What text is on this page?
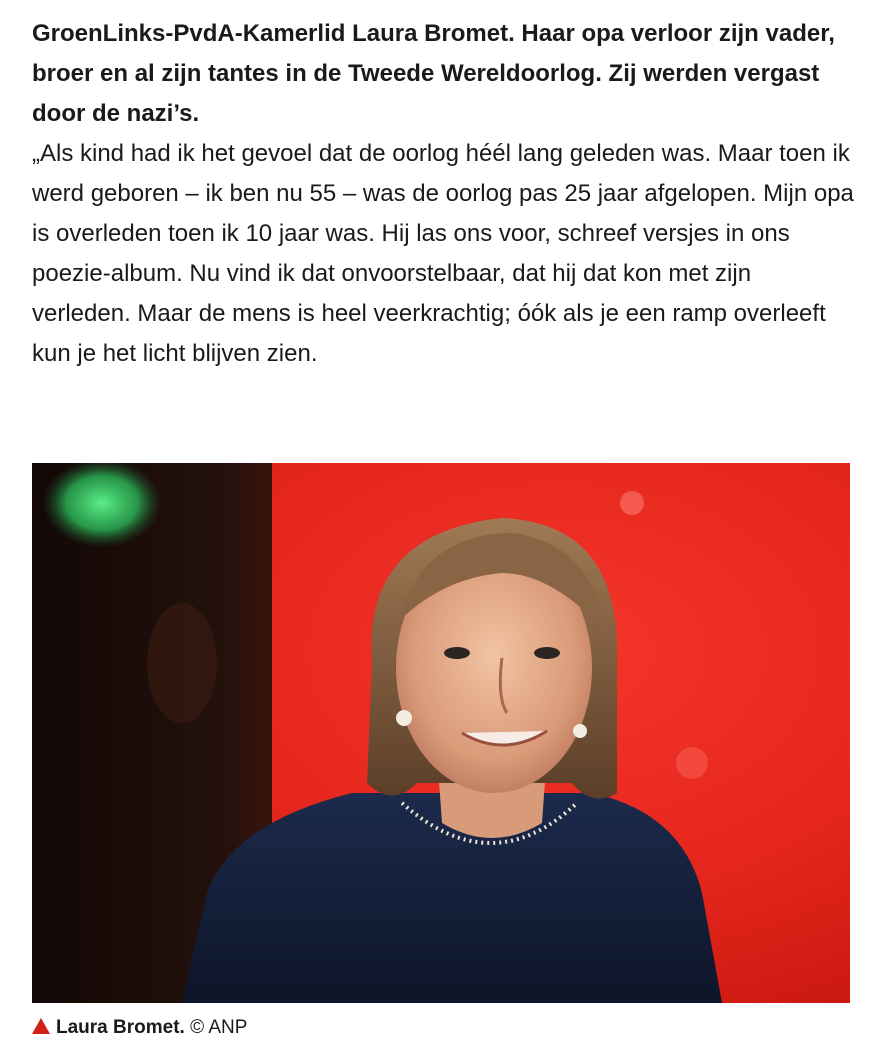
GroenLinks-PvdA-Kamerlid Laura Bromet. Haar opa verloor zijn vader, broer en al zijn tantes in de Tweede Wereldoorlog. Zij werden vergast door de nazi’s.

„Als kind had ik het gevoel dat de oorlog héél lang geleden was. Maar toen ik werd geboren – ik ben nu 55 – was de oorlog pas 25 jaar afgelopen. Mijn opa is overleden toen ik 10 jaar was. Hij las ons voor, schreef versjes in ons poezie-album. Nu vind ik dat onvoorstelbaar, dat hij dat kon met zijn verleden. Maar de mens is heel veerkrachtig; óók als je een ramp overleeft kun je het licht blijven zien.

Laura Bromet. © ANP
